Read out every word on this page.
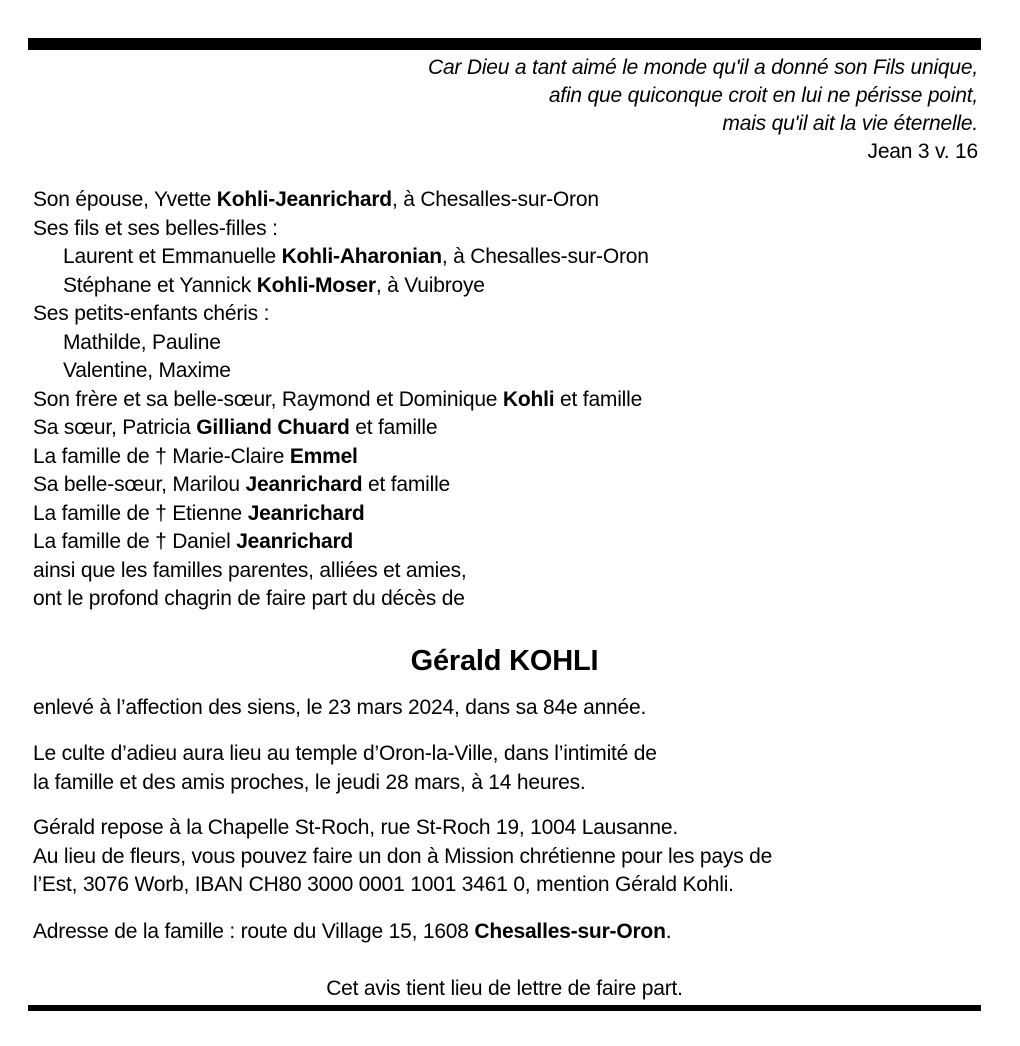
Car Dieu a tant aimé le monde qu'il a donné son Fils unique,
afin que quiconque croit en lui ne périsse point,
mais qu'il ait la vie éternelle.
Jean 3 v. 16
Son épouse, Yvette Kohli-Jeanrichard, à Chesalles-sur-Oron
Ses fils et ses belles-filles :
Laurent et Emmanuelle Kohli-Aharonian, à Chesalles-sur-Oron
Stéphane et Yannick Kohli-Moser, à Vuibroye
Ses petits-enfants chéris :
Mathilde, Pauline
Valentine, Maxime
Son frère et sa belle-sœur, Raymond et Dominique Kohli et famille
Sa sœur, Patricia Gilliand Chuard et famille
La famille de † Marie-Claire Emmel
Sa belle-sœur, Marilou Jeanrichard et famille
La famille de † Etienne Jeanrichard
La famille de † Daniel Jeanrichard
ainsi que les familles parentes, alliées et amies,
ont le profond chagrin de faire part du décès de
Gérald KOHLI
enlevé à l’affection des siens, le 23 mars 2024, dans sa 84e année.
Le culte d’adieu aura lieu au temple d’Oron-la-Ville, dans l’intimité de
la famille et des amis proches, le jeudi 28 mars, à 14 heures.
Gérald repose à la Chapelle St-Roch, rue St-Roch 19, 1004 Lausanne.
Au lieu de fleurs, vous pouvez faire un don à Mission chrétienne pour les pays de
l’Est, 3076 Worb, IBAN CH80 3000 0001 1001 3461 0, mention Gérald Kohli.
Adresse de la famille : route du Village 15, 1608 Chesalles-sur-Oron.
Cet avis tient lieu de lettre de faire part.
